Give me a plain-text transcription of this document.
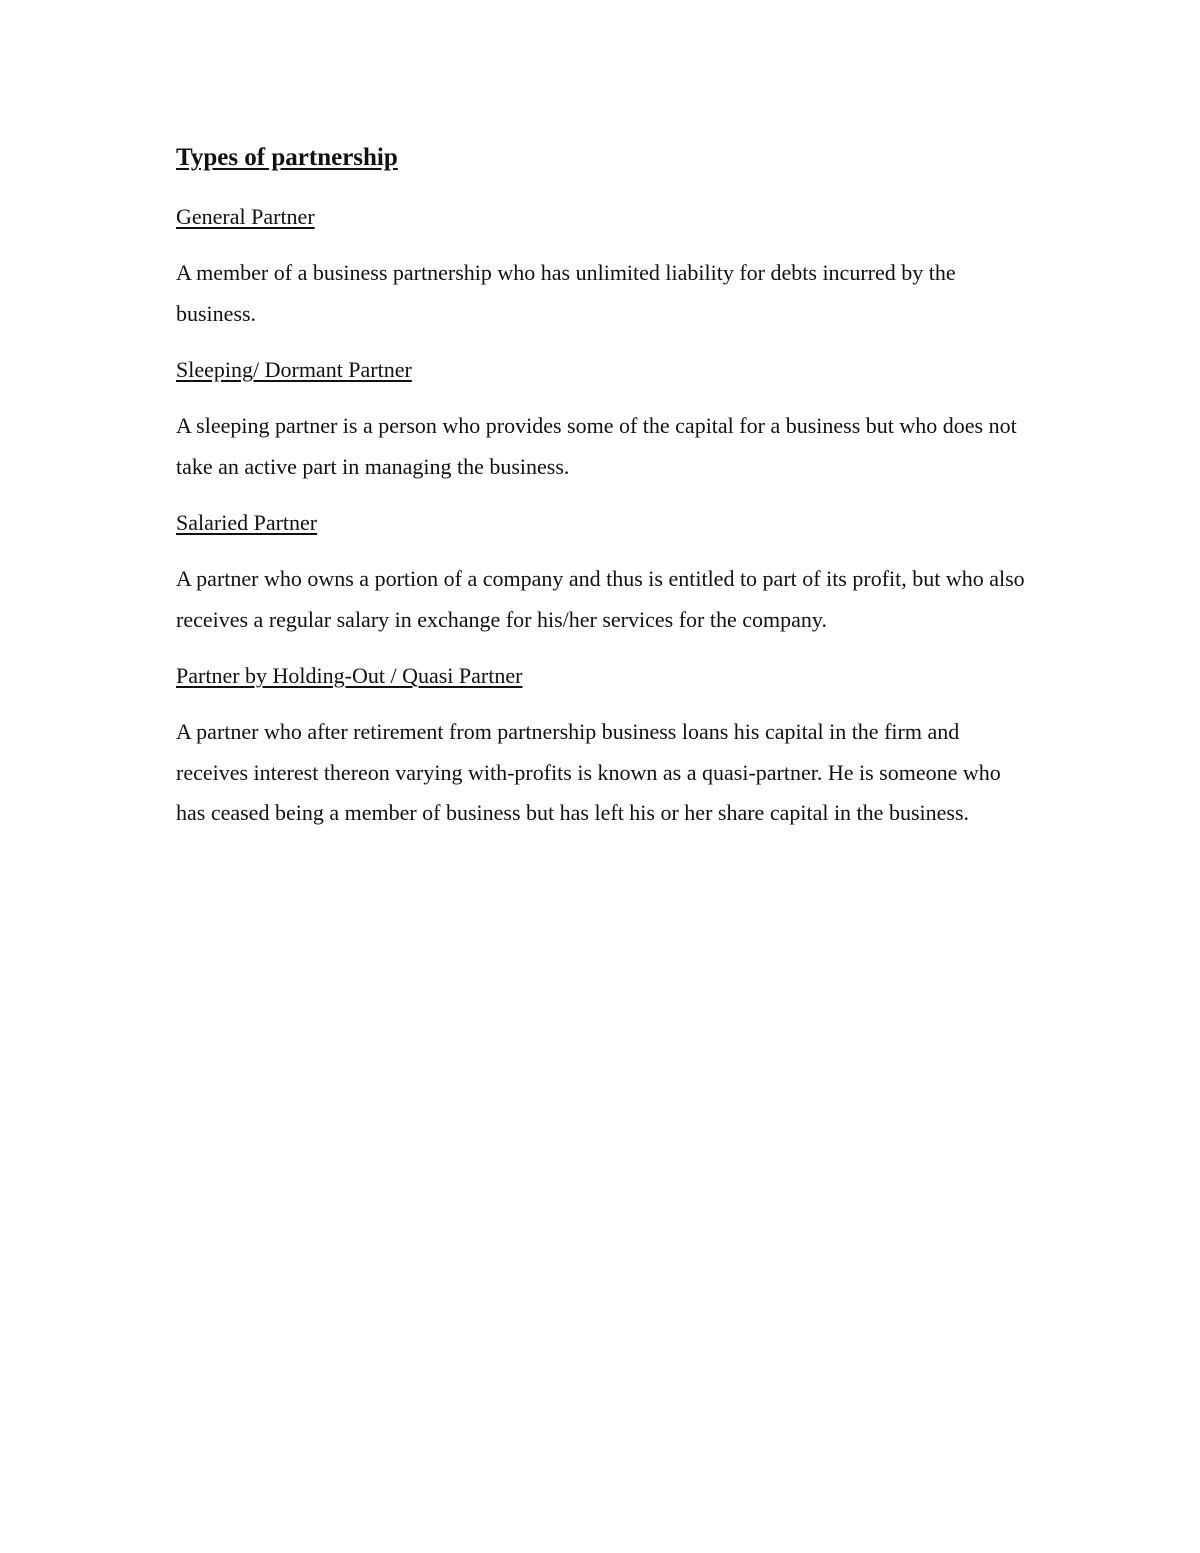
Types of partnership

General Partner

A member of a business partnership who has unlimited liability for debts incurred by the business.

Sleeping/ Dormant Partner

A sleeping partner is a person who provides some of the capital for a business but who does not take an active part in managing the business.

Salaried Partner

A partner who owns a portion of a company and thus is entitled to part of its profit, but who also receives a regular salary in exchange for his/her services for the company.

Partner by Holding-Out / Quasi Partner

A partner who after retirement from partnership business loans his capital in the firm and receives interest thereon varying with-profits is known as a quasi-partner. He is someone who has ceased being a member of business but has left his or her share capital in the business.
